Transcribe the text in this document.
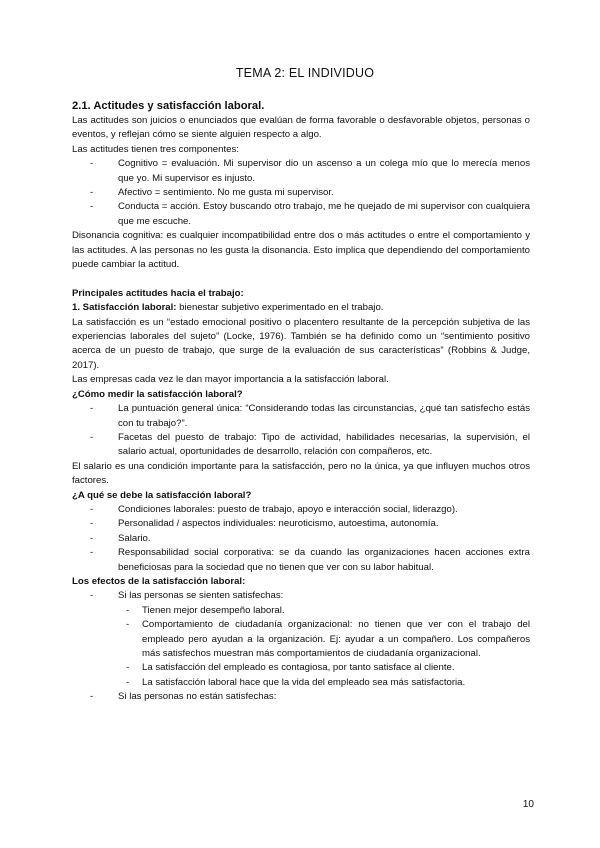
TEMA 2: EL INDIVIDUO
2.1. Actitudes y satisfacción laboral.

Las actitudes son juicios o enunciados que evalúan de forma favorable o desfavorable objetos, personas o eventos, y reflejan cómo se siente alguien respecto a algo.

Las actitudes tienen tres componentes:

- Cognitivo = evaluación. Mi supervisor dio un ascenso a un colega mío que lo merecía menos que yo. Mi supervisor es injusto.
- Afectivo = sentimiento. No me gusta mi supervisor.
- Conducta = acción. Estoy buscando otro trabajo, me he quejado de mi supervisor con cualquiera que me escuche.

Disonancia cognitiva: es cualquier incompatibilidad entre dos o más actitudes o entre el comportamiento y las actitudes. A las personas no les gusta la disonancia. Esto implica que dependiendo del comportamiento puede cambiar la actitud.

Principales actitudes hacia el trabajo:

1. Satisfacción laboral: bienestar subjetivo experimentado en el trabajo.

La satisfacción es un “estado emocional positivo o placentero resultante de la percepción subjetiva de las experiencias laborales del sujeto” (Locke, 1976). También se ha definido como un “sentimiento positivo acerca de un puesto de trabajo, que surge de la evaluación de sus características” (Robbins & Judge, 2017).

Las empresas cada vez le dan mayor importancia a la satisfacción laboral.

¿Cómo medir la satisfacción laboral?

- La puntuación general única: “Considerando todas las circunstancias, ¿qué tan satisfecho estás con tu trabajo?”.
- Facetas del puesto de trabajo: Tipo de actividad, habilidades necesarias, la supervisión, el salario actual, oportunidades de desarrollo, relación con compañeros, etc.

El salario es una condición importante para la satisfacción, pero no la única, ya que influyen muchos otros factores.

¿A qué se debe la satisfacción laboral?

- Condiciones laborales: puesto de trabajo, apoyo e interacción social, liderazgo).
- Personalidad / aspectos individuales: neuroticismo, autoestima, autonomía.
- Salario.
- Responsabilidad social corporativa: se da cuando las organizaciones hacen acciones extra beneficiosas para la sociedad que no tienen que ver con su labor habitual.

Los efectos de la satisfacción laboral:

- Si las personas se sienten satisfechas:
- Tienen mejor desempeño laboral.
- Comportamiento de ciudadanía organizacional: no tienen que ver con el trabajo del empleado pero ayudan a la organización. Ej: ayudar a un compañero. Los compañeros más satisfechos muestran más comportamientos de ciudadanía organizacional.
- La satisfacción del empleado es contagiosa, por tanto satisface al cliente.
- La satisfacción laboral hace que la vida del empleado sea más satisfactoria.
- Si las personas no están satisfechas:
10
